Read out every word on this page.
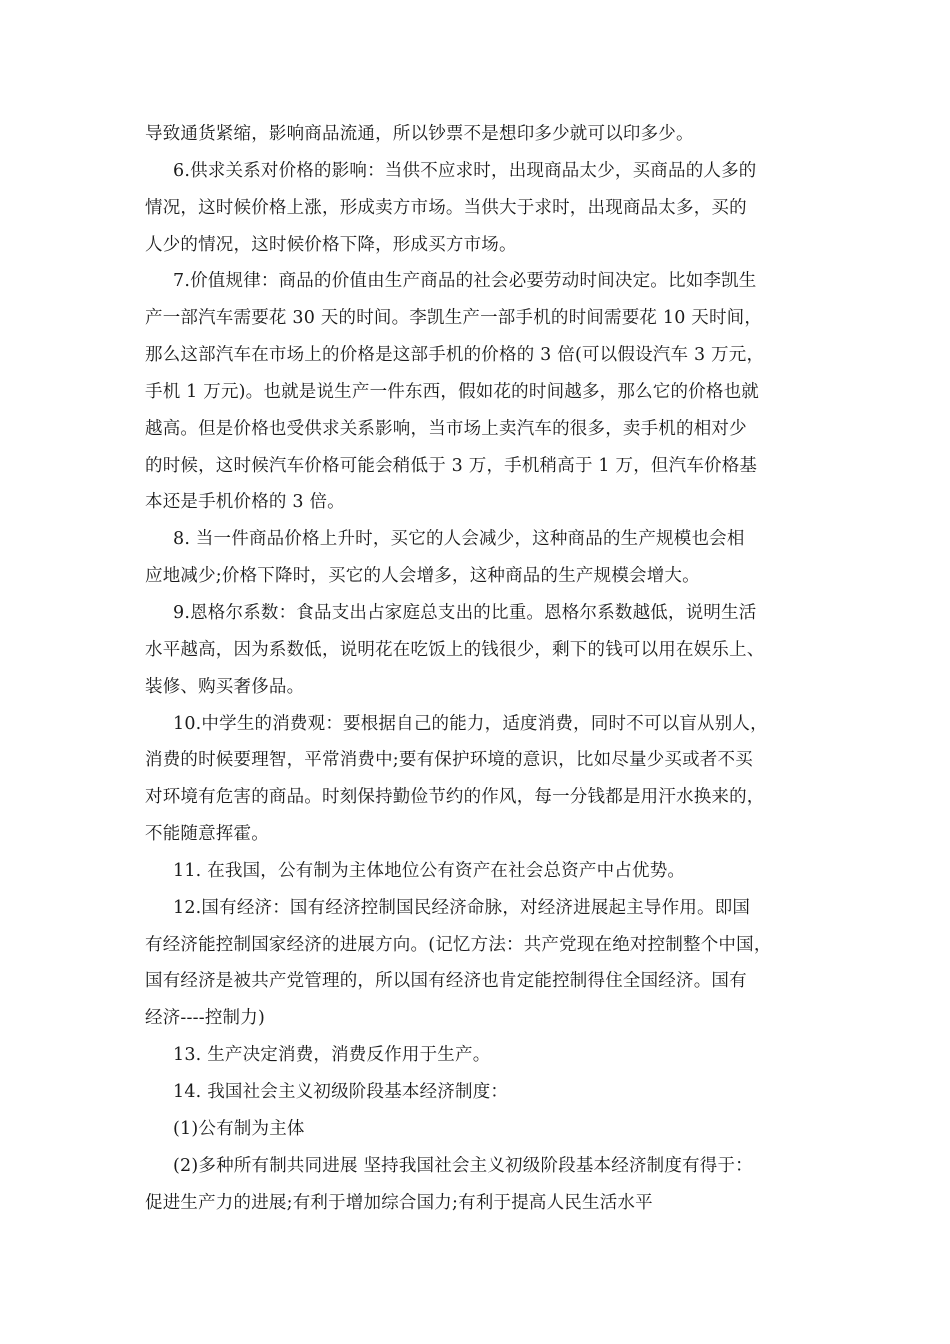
导致通货紧缩，影响商品流通，所以钞票不是想印多少就可以印多少。
6.供求关系对价格的影响：当供不应求时，出现商品太少，买商品的人多的
情况，这时候价格上涨，形成卖方市场。当供大于求时，出现商品太多，买的
人少的情况，这时候价格下降，形成买方市场。
7.价值规律：商品的价值由生产商品的社会必要劳动时间决定。比如李凯生
产一部汽车需要花 30 天的时间。李凯生产一部手机的时间需要花 10 天时间，
那么这部汽车在市场上的价格是这部手机的价格的 3 倍(可以假设汽车 3 万元，
手机 1 万元)。也就是说生产一件东西，假如花的时间越多，那么它的价格也就
越高。但是价格也受供求关系影响，当市场上卖汽车的很多，卖手机的相对少
的时候，这时候汽车价格可能会稍低于 3 万，手机稍高于 1 万，但汽车价格基
本还是手机价格的 3 倍。
8. 当一件商品价格上升时，买它的人会减少，这种商品的生产规模也会相
应地减少;价格下降时，买它的人会增多，这种商品的生产规模会增大。
9.恩格尔系数：食品支出占家庭总支出的比重。恩格尔系数越低，说明生活
水平越高，因为系数低，说明花在吃饭上的钱很少，剩下的钱可以用在娱乐上、
装修、购买奢侈品。
10.中学生的消费观：要根据自己的能力，适度消费，同时不可以盲从别人，
消费的时候要理智，平常消费中;要有保护环境的意识，比如尽量少买或者不买
对环境有危害的商品。时刻保持勤俭节约的作风，每一分钱都是用汗水换来的，
不能随意挥霍。
11. 在我国，公有制为主体地位公有资产在社会总资产中占优势。
12.国有经济：国有经济控制国民经济命脉，对经济进展起主导作用。即国
有经济能控制国家经济的进展方向。(记忆方法：共产党现在绝对控制整个中国，
国有经济是被共产党管理的，所以国有经济也肯定能控制得住全国经济。国有
经济----控制力)
13. 生产决定消费，消费反作用于生产。
14. 我国社会主义初级阶段基本经济制度：
(1)公有制为主体
(2)多种所有制共同进展 坚持我国社会主义初级阶段基本经济制度有得于：
促进生产力的进展;有利于增加综合国力;有利于提高人民生活水平
